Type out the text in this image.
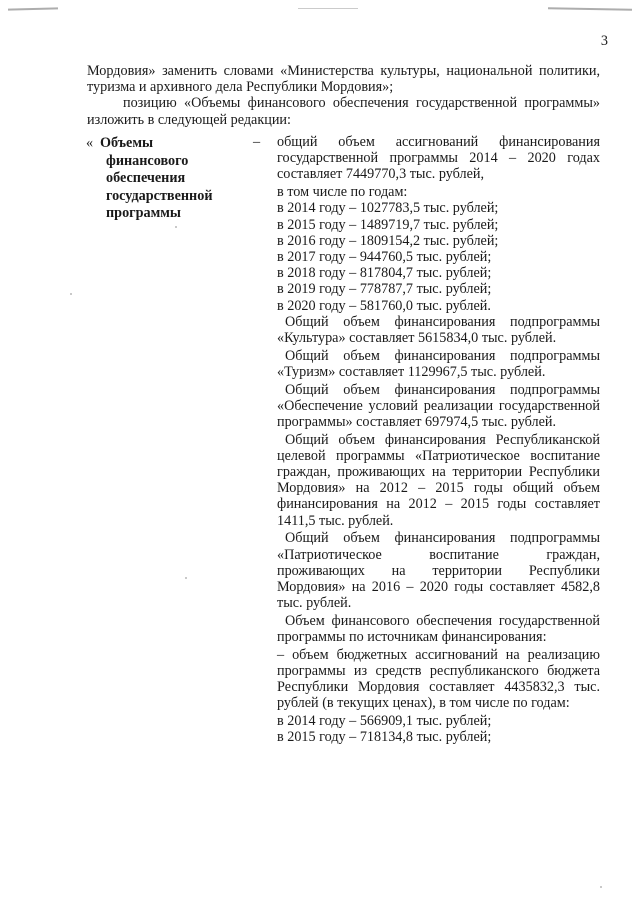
3

Мордовия» заменить словами «Министерства культуры, национальной политики, туризма и архивного дела Республики Мордовия»;

позицию «Объемы финансового обеспечения государственной программы» изложить в следующей редакции:

« Объемы
финансового
обеспечения
государственной
программы
– общий объем ассигнований финансирования государственной программы 2014 – 2020 годах составляет 7449770,3 тыс. рублей,

в том числе по годам:

в 2014 году – 1027783,5 тыс. рублей;

в 2015 году – 1489719,7 тыс. рублей;

в 2016 году – 1809154,2 тыс. рублей;

в 2017 году – 944760,5 тыс. рублей;

в 2018 году – 817804,7 тыс. рублей;

в 2019 году – 778787,7 тыс. рублей;

в 2020 году – 581760,0 тыс. рублей.

Общий объем финансирования подпрограммы «Культура» составляет 5615834,0 тыс. рублей.

Общий объем финансирования подпрограммы «Туризм» составляет 1129967,5 тыс. рублей.

Общий объем финансирования подпрограммы «Обеспечение условий реализации государственной программы» составляет 697974,5 тыс. рублей.

Общий объем финансирования Республиканской целевой программы «Патриотическое воспитание граждан, проживающих на территории Республики Мордовия» на 2012 – 2015 годы общий объем финансирования на 2012 – 2015 годы составляет 1411,5 тыс. рублей.

Общий объем финансирования подпрограммы «Патриотическое воспитание граждан, проживающих на территории Республики Мордовия» на 2016 – 2020 годы составляет 4582,8 тыс. рублей.

Объем финансового обеспечения государственной программы по источникам финансирования:

– объем бюджетных ассигнований на реализацию программы из средств республиканского бюджета Республики Мордовия составляет 4435832,3 тыс. рублей (в текущих ценах), в том числе по годам:

в 2014 году – 566909,1 тыс. рублей;

в 2015 году – 718134,8 тыс. рублей;
